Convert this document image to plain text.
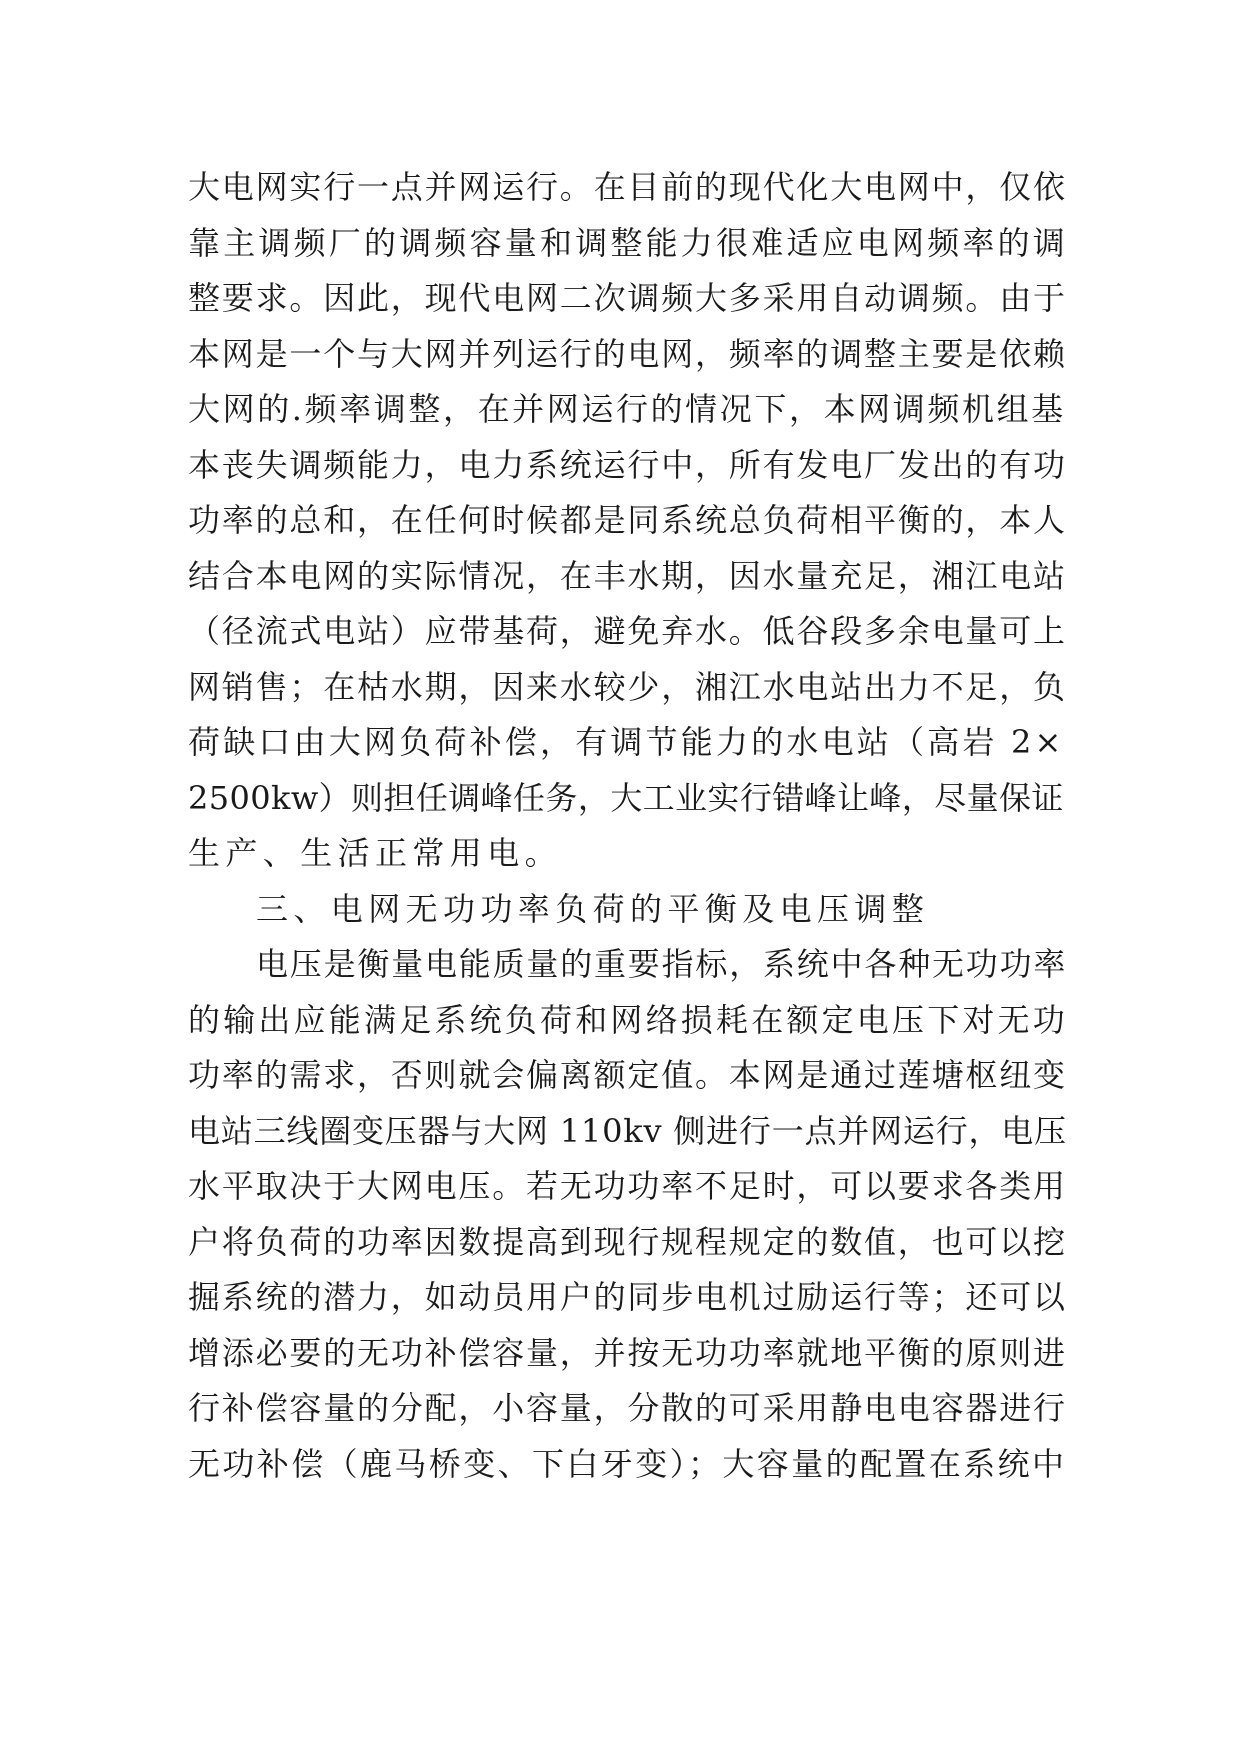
大电网实行一点并网运行。在目前的现代化大电网中，仅依
靠主调频厂的调频容量和调整能力很难适应电网频率的调
整要求。因此，现代电网二次调频大多采用自动调频。由于
本网是一个与大网并列运行的电网，频率的调整主要是依赖
大网的.频率调整，在并网运行的情况下，本网调频机组基
本丧失调频能力，电力系统运行中，所有发电厂发出的有功
功率的总和，在任何时候都是同系统总负荷相平衡的，本人
结合本电网的实际情况，在丰水期，因水量充足，湘江电站
（径流式电站）应带基荷，避免弃水。低谷段多余电量可上
网销售；在枯水期，因来水较少，湘江水电站出力不足，负
荷缺口由大网负荷补偿，有调节能力的水电站（高岩 2×
2500kw）则担任调峰任务，大工业实行错峰让峰，尽量保证
生产、生活正常用电。
三、电网无功功率负荷的平衡及电压调整
电压是衡量电能质量的重要指标，系统中各种无功功率
的输出应能满足系统负荷和网络损耗在额定电压下对无功
功率的需求，否则就会偏离额定值。本网是通过莲塘枢纽变
电站三线圈变压器与大网 110kv 侧进行一点并网运行，电压
水平取决于大网电压。若无功功率不足时，可以要求各类用
户将负荷的功率因数提高到现行规程规定的数值，也可以挖
掘系统的潜力，如动员用户的同步电机过励运行等；还可以
增添必要的无功补偿容量，并按无功功率就地平衡的原则进
行补偿容量的分配，小容量，分散的可采用静电电容器进行
无功补偿（鹿马桥变、下白牙变）；大容量的配置在系统中
